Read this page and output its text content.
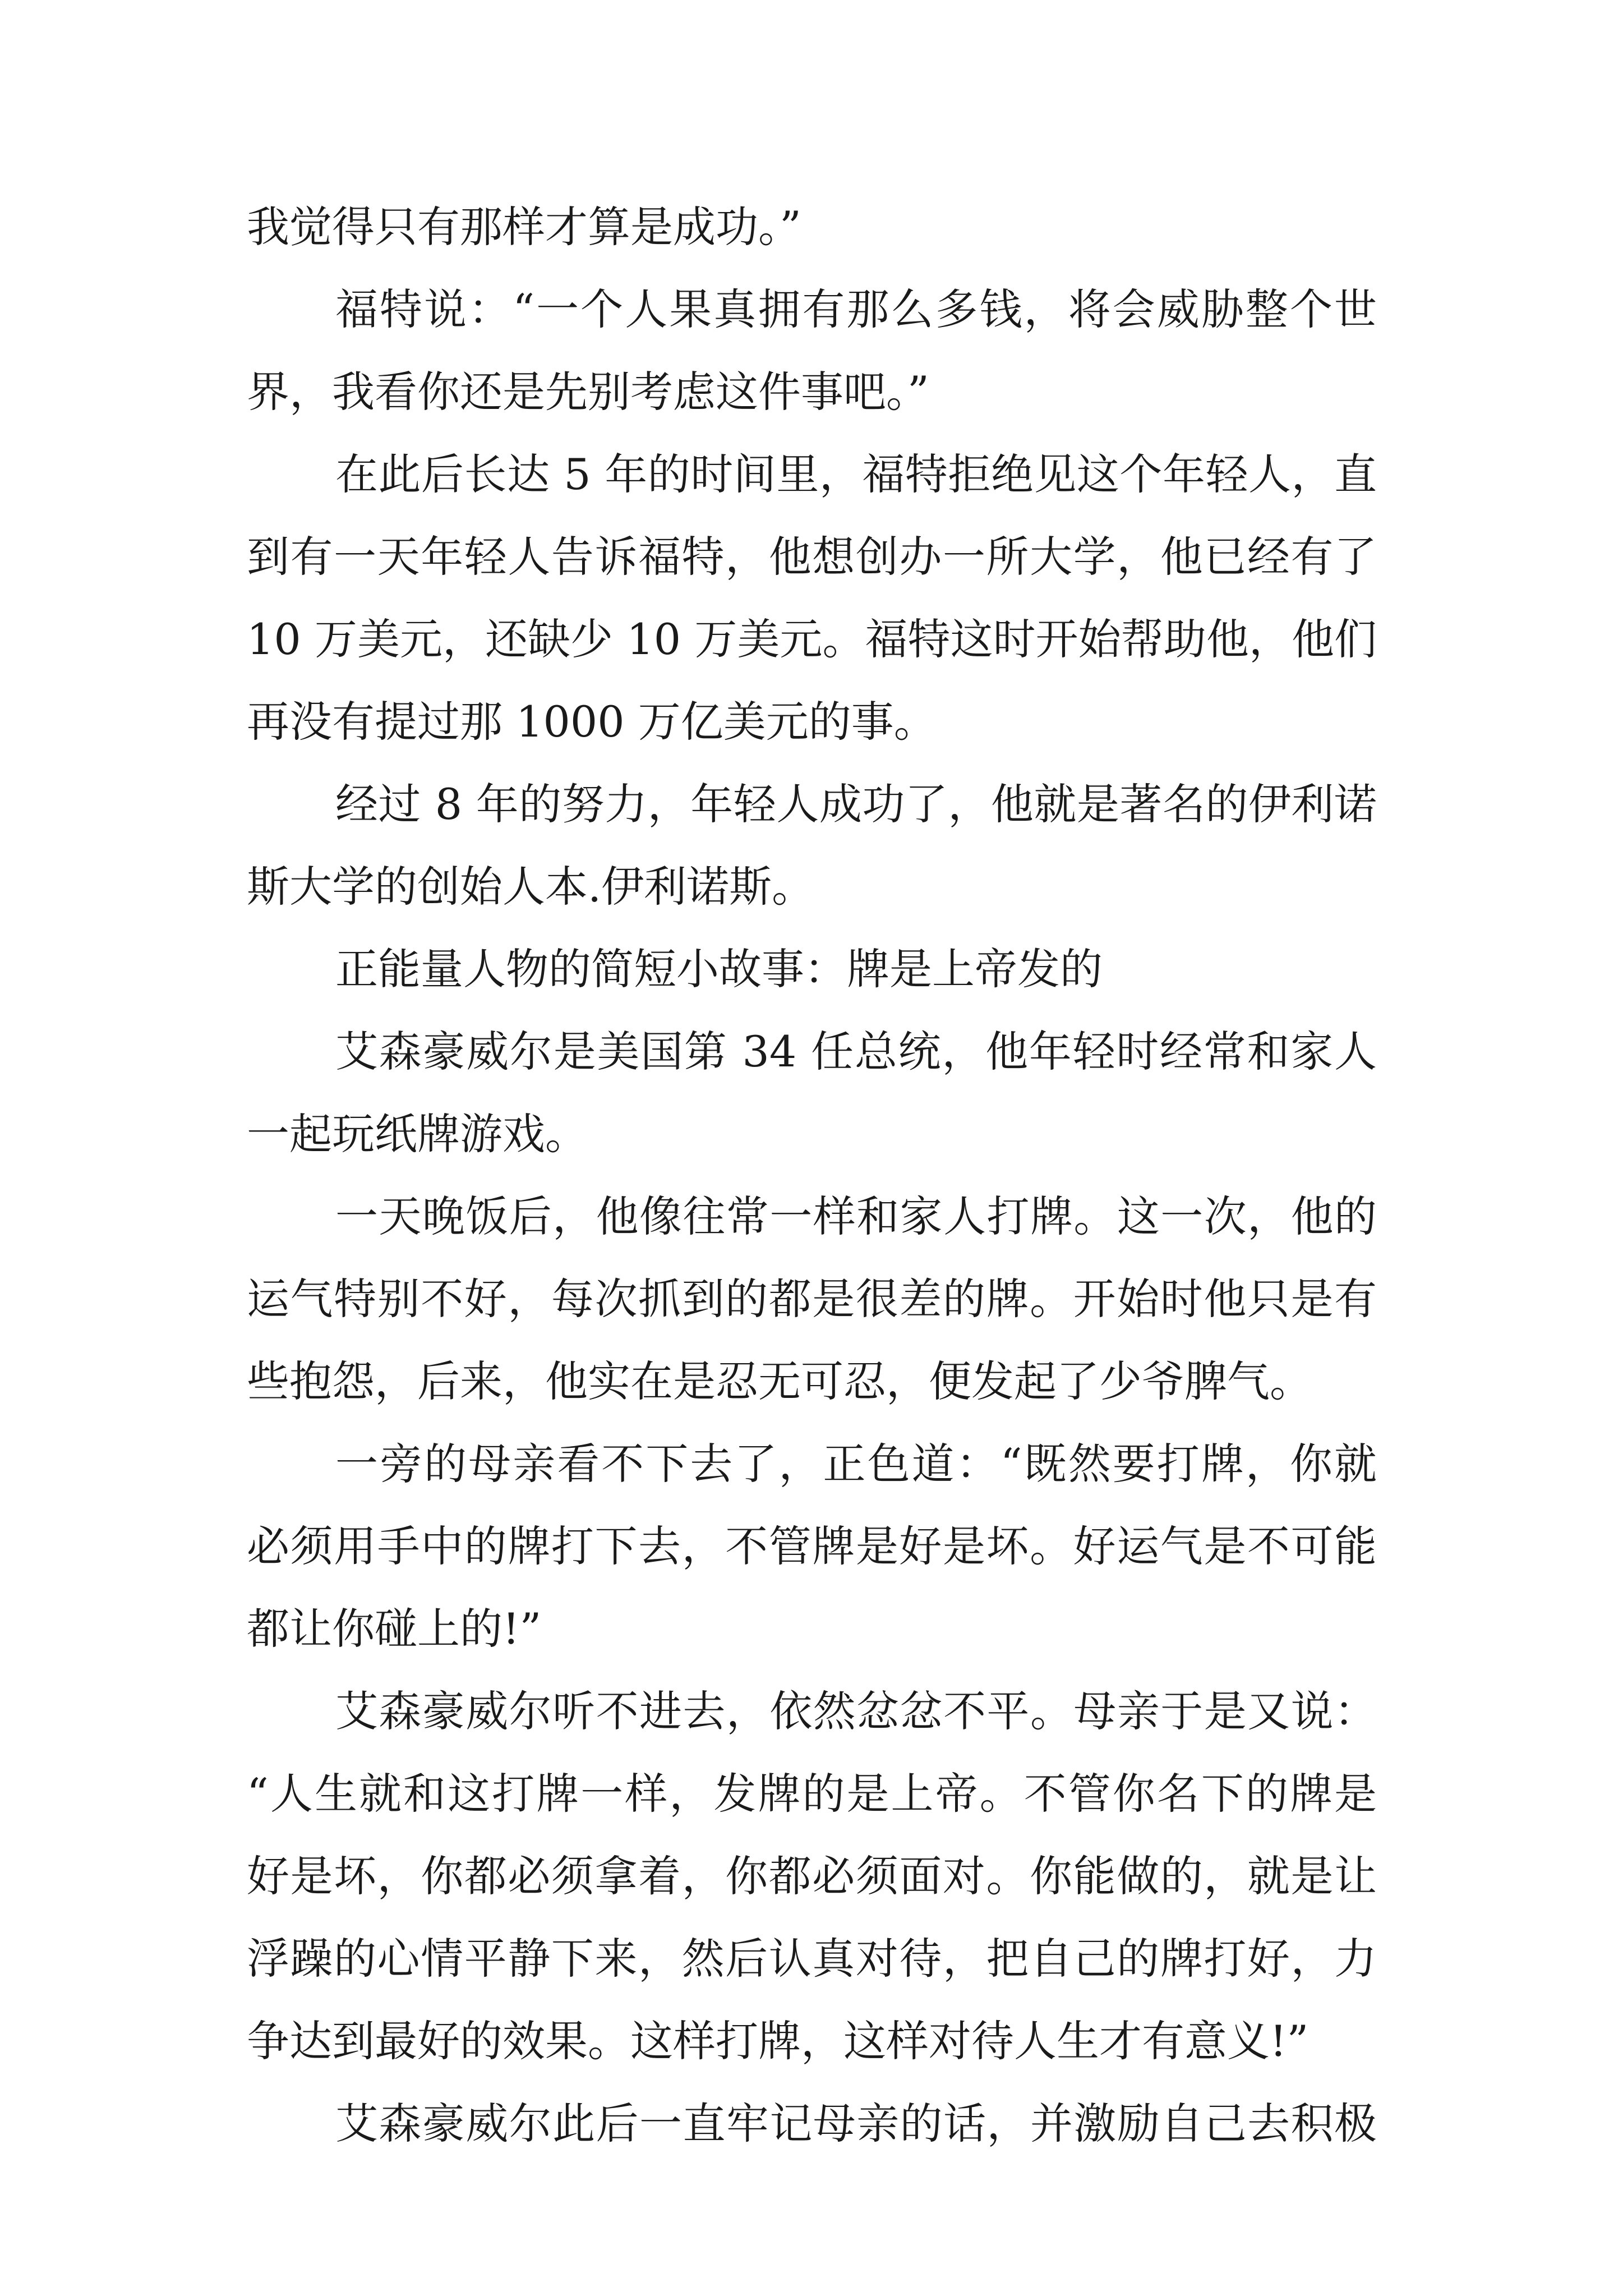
我觉得只有那样才算是成功。”
福特说：“一个人果真拥有那么多钱，将会威胁整个世
界，我看你还是先别考虑这件事吧。”
在此后长达 5 年的时间里，福特拒绝见这个年轻人，直
到有一天年轻人告诉福特，他想创办一所大学，他已经有了
10 万美元，还缺少 10 万美元。福特这时开始帮助他，他们
再没有提过那 1000 万亿美元的事。
经过 8 年的努力，年轻人成功了，他就是著名的伊利诺
斯大学的创始人本.伊利诺斯。
正能量人物的简短小故事：牌是上帝发的
艾森豪威尔是美国第 34 任总统，他年轻时经常和家人
一起玩纸牌游戏。
一天晚饭后，他像往常一样和家人打牌。这一次，他的
运气特别不好，每次抓到的都是很差的牌。开始时他只是有
些抱怨，后来，他实在是忍无可忍，便发起了少爷脾气。
一旁的母亲看不下去了，正色道：“既然要打牌，你就
必须用手中的牌打下去，不管牌是好是坏。好运气是不可能
都让你碰上的!”
艾森豪威尔听不进去，依然忿忿不平。母亲于是又说：
“人生就和这打牌一样，发牌的是上帝。不管你名下的牌是
好是坏，你都必须拿着，你都必须面对。你能做的，就是让
浮躁的心情平静下来，然后认真对待，把自己的牌打好，力
争达到最好的效果。这样打牌，这样对待人生才有意义!”
艾森豪威尔此后一直牢记母亲的话，并激励自己去积极
